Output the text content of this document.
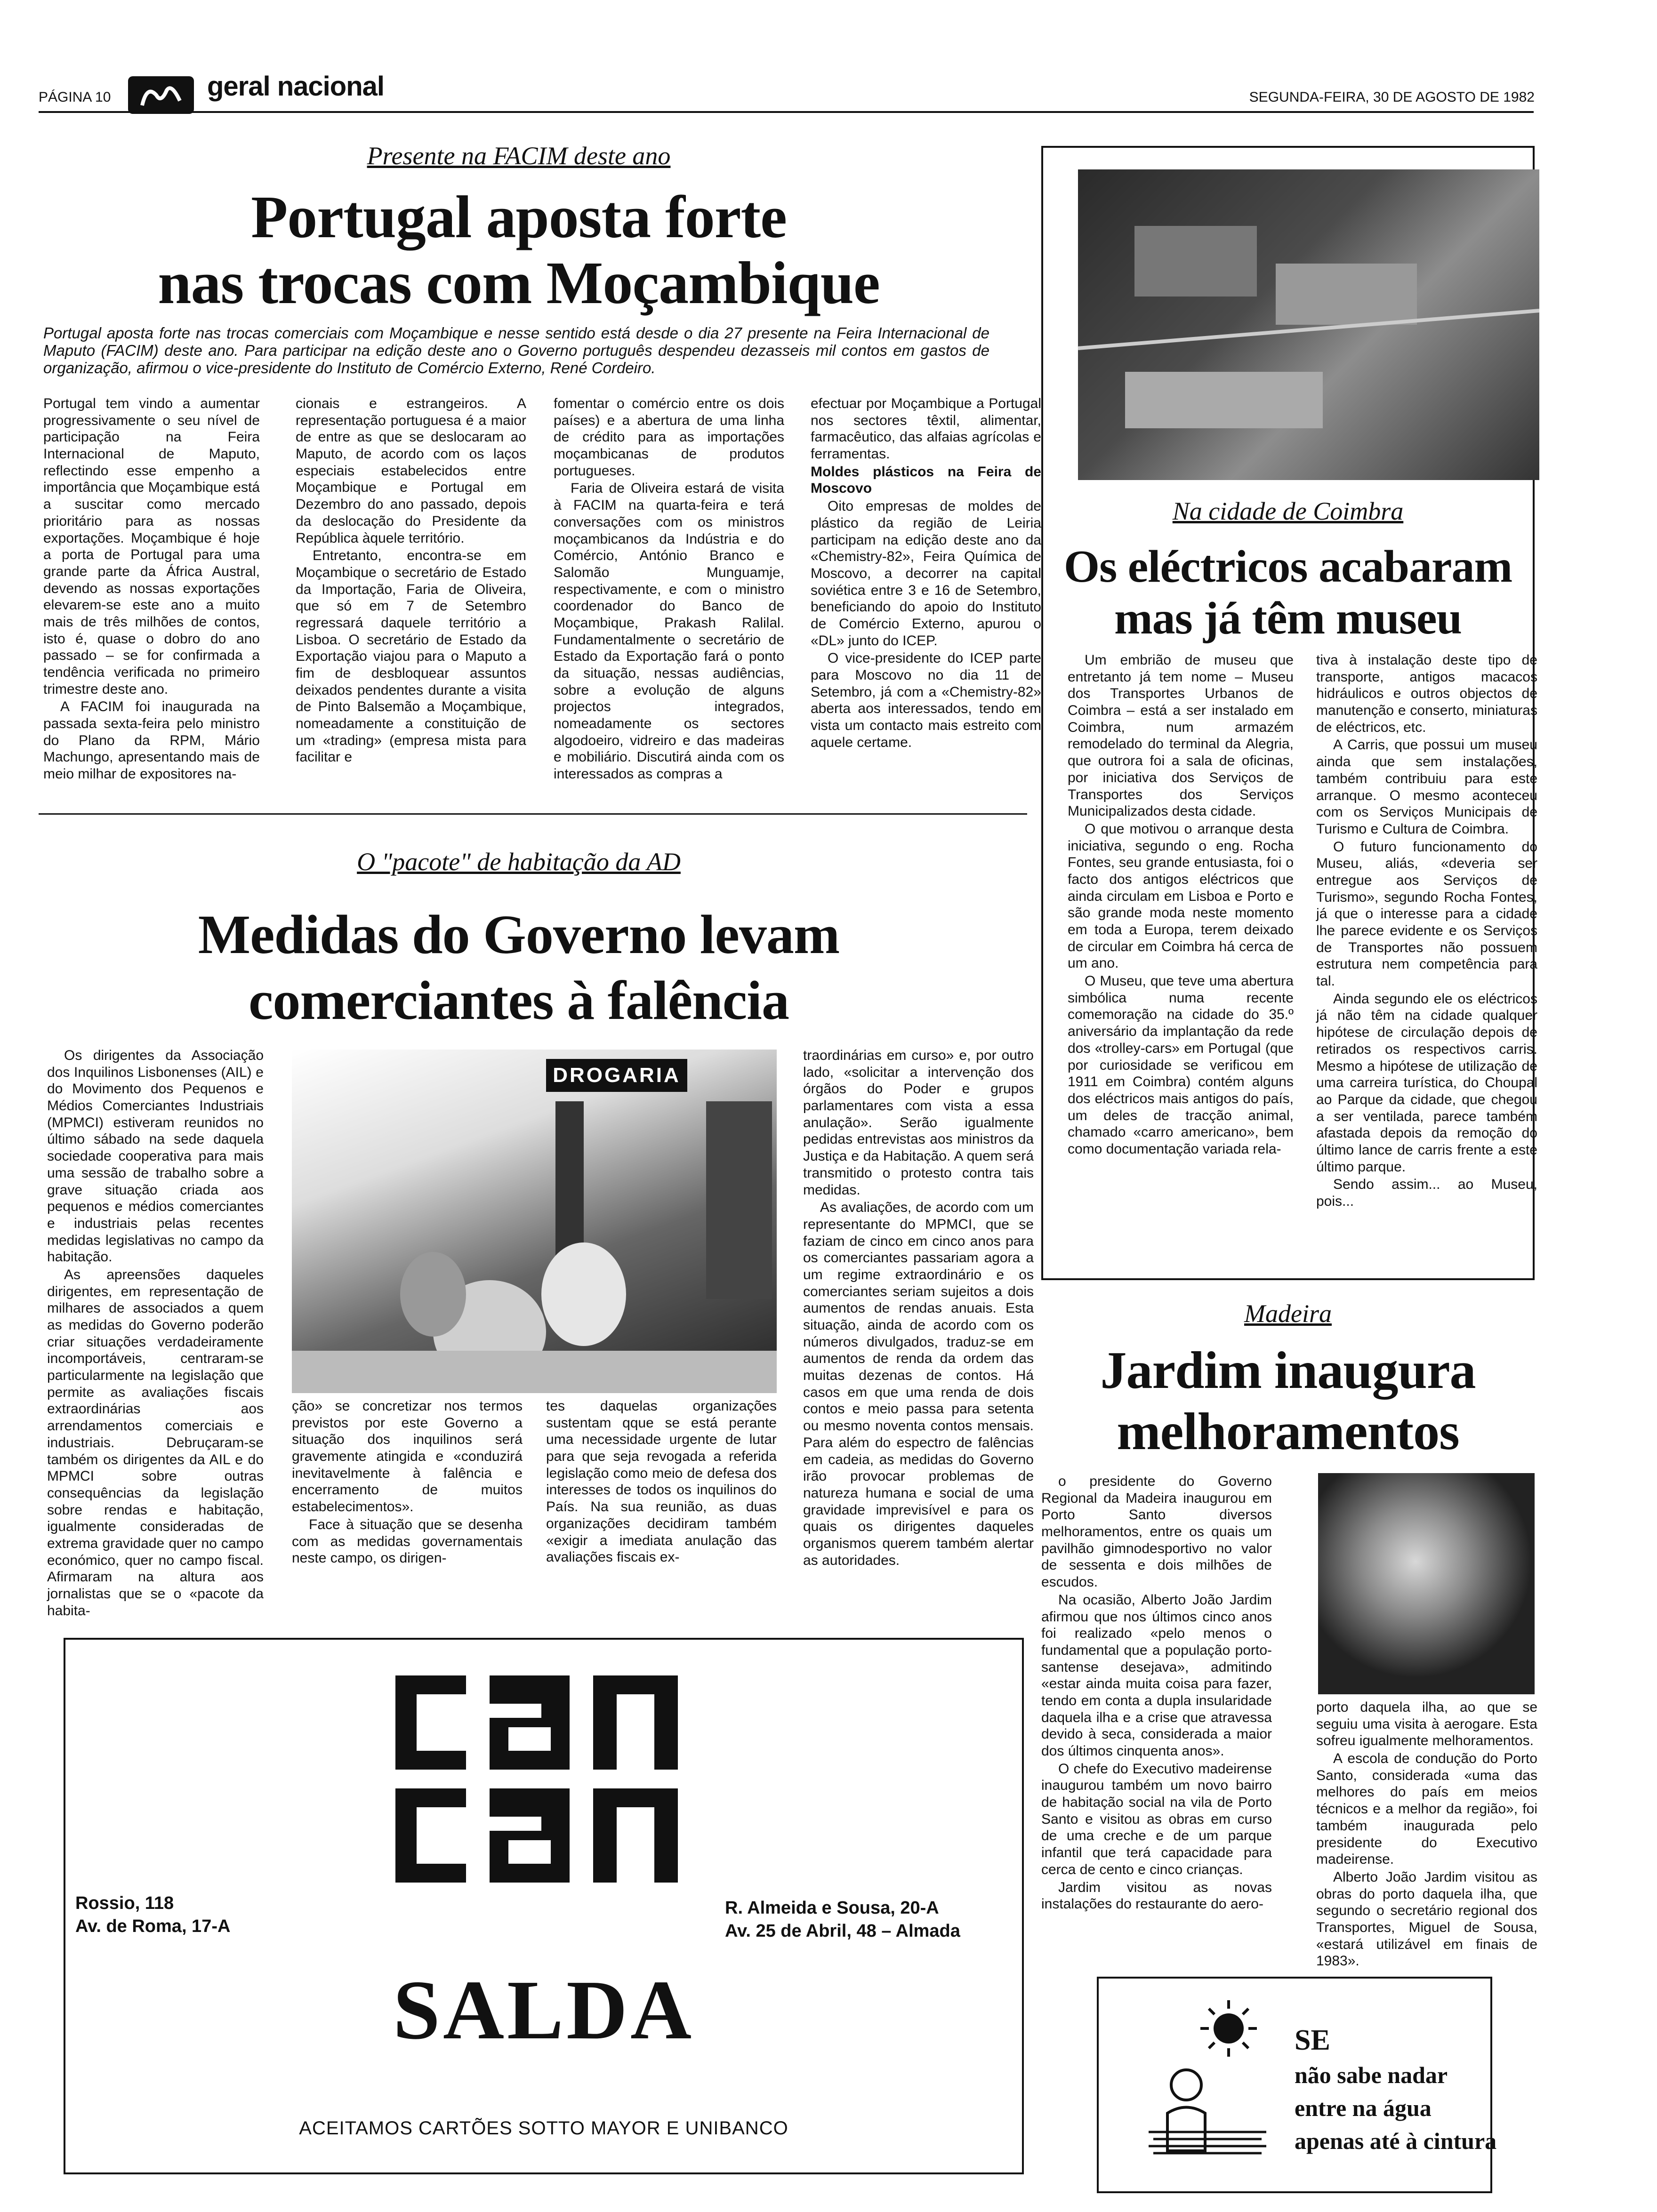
PÁGINA 10	geral nacional	SEGUNDA-FEIRA, 30 DE AGOSTO DE 1982
Presente na FACIM deste ano
Portugal aposta forte
nas trocas com Moçambique
Portugal aposta forte nas trocas comerciais com Moçambique e nesse sentido está desde o dia 27 presente na Feira Internacional de Maputo (FACIM) deste ano. Para participar na edição deste ano o Governo português despendeu dezasseis mil contos em gastos de organização, afirmou o vice-presidente do Instituto de Comércio Externo, René Cordeiro.

Portugal tem vindo a aumentar progressivamente o seu nível de participação na Feira Internacional de Maputo, reflectindo esse empenho a importância que Moçambique está a suscitar como mercado prioritário para as nossas exportações. Moçambique é hoje a porta de Portugal para uma grande parte da África Austral, devendo as nossas exportações elevarem-se este ano a muito mais de três milhões de contos, isto é, quase o dobro do ano passado – se for confirmada a tendência verificada no primeiro trimestre deste ano.

A FACIM foi inaugurada na passada sexta-feira pelo ministro do Plano da RPM, Mário Machungo, apresentando mais de meio milhar de expositores na-

cionais e estrangeiros. A representação portuguesa é a maior de entre as que se deslocaram ao Maputo, de acordo com os laços especiais estabelecidos entre Moçambique e Portugal em Dezembro do ano passado, depois da deslocação do Presidente da República àquele território.

Entretanto, encontra-se em Moçambique o secretário de Estado da Importação, Faria de Oliveira, que só em 7 de Setembro regressará daquele território a Lisboa. O secretário de Estado da Exportação viajou para o Maputo a fim de desbloquear assuntos deixados pendentes durante a visita de Pinto Balsemão a Moçambique, nomeadamente a constituição de um «trading» (empresa mista para facilitar e

fomentar o comércio entre os dois países) e a abertura de uma linha de crédito para as importações moçambicanas de produtos portugueses.

Faria de Oliveira estará de visita à FACIM na quarta-feira e terá conversações com os ministros moçambicanos da Indústria e do Comércio, António Branco e Salomão Munguamje, respectivamente, e com o ministro coordenador do Banco de Moçambique, Prakash Ralilal. Fundamentalmente o secretário de Estado da Exportação fará o ponto da situação, nessas audiências, sobre a evolução de alguns projectos integrados, nomeadamente os sectores algodoeiro, vidreiro e das madeiras e mobiliário. Discutirá ainda com os interessados as compras a

efectuar por Moçambique a Portugal nos sectores têxtil, alimentar, farmacêutico, das alfaias agrícolas e ferramentas.

Moldes plásticos na Feira de Moscovo

Oito empresas de moldes de plástico da região de Leiria participam na edição deste ano da «Chemistry-82», Feira Química de Moscovo, a decorrer na capital soviética entre 3 e 16 de Setembro, beneficiando do apoio do Instituto de Comércio Externo, apurou o «DL» junto do ICEP.

O vice-presidente do ICEP parte para Moscovo no dia 11 de Setembro, já com a «Chemistry-82» aberta aos interessados, tendo em vista um contacto mais estreito com aquele certame.

Na cidade de Coimbra
Os eléctricos acabaram
mas já têm museu

Um embrião de museu que entretanto já tem nome – Museu dos Transportes Urbanos de Coimbra – está a ser instalado em Coimbra, num armazém remodelado do terminal da Alegria, que outrora foi a sala de oficinas, por iniciativa dos Serviços de Transportes dos Serviços Municipalizados desta cidade.

O que motivou o arranque desta iniciativa, segundo o eng. Rocha Fontes, seu grande entusiasta, foi o facto dos antigos eléctricos que ainda circulam em Lisboa e Porto e são grande moda neste momento em toda a Europa, terem deixado de circular em Coimbra há cerca de um ano.

O Museu, que teve uma abertura simbólica numa recente comemoração na cidade do 35.º aniversário da implantação da rede dos «trolley-cars» em Portugal (que por curiosidade se verificou em 1911 em Coimbra) contém alguns dos eléctricos mais antigos do país, um deles de tracção animal, chamado «carro americano», bem como documentação variada rela-

tiva à instalação deste tipo de transporte, antigos macacos hidráulicos e outros objectos de manutenção e conserto, miniaturas de eléctricos, etc.

A Carris, que possui um museu ainda que sem instalações, também contribuiu para este arranque. O mesmo aconteceu com os Serviços Municipais de Turismo e Cultura de Coimbra.

O futuro funcionamento do Museu, aliás, «deveria ser entregue aos Serviços de Turismo», segundo Rocha Fontes, já que o interesse para a cidade lhe parece evidente e os Serviços de Transportes não possuem estrutura nem competência para tal.

Ainda segundo ele os eléctricos já não têm na cidade qualquer hipótese de circulação depois de retirados os respectivos carris. Mesmo a hipótese de utilização de uma carreira turística, do Choupal ao Parque da cidade, que chegou a ser ventilada, parece também afastada depois da remoção do último lance de carris frente a este último parque.

Sendo assim... ao Museu, pois...

O "pacote" de habitação da AD
Medidas do Governo levam
comerciantes à falência

Os dirigentes da Associação dos Inquilinos Lisbonenses (AIL) e do Movimento dos Pequenos e Médios Comerciantes Industriais (MPMCI) estiveram reunidos no último sábado na sede daquela sociedade cooperativa para mais uma sessão de trabalho sobre a grave situação criada aos pequenos e médios comerciantes e industriais pelas recentes medidas legislativas no campo da habitação.

As apreensões daqueles dirigentes, em representação de milhares de associados a quem as medidas do Governo poderão criar situações verdadeiramente incomportáveis, centraram-se particularmente na legislação que permite as avaliações fiscais extraordinárias aos arrendamentos comerciais e industriais. Debruçaram-se também os dirigentes da AIL e do MPMCI sobre outras consequências da legislação sobre rendas e habitação, igualmente consideradas de extrema gravidade quer no campo económico, quer no campo fiscal. Afirmaram na altura aos jornalistas que se o «pacote da habita-

DROGARIA

ção» se concretizar nos termos previstos por este Governo a situação dos inquilinos será gravemente atingida e «conduzirá inevitavelmente à falência e encerramento de muitos estabelecimentos».

Face à situação que se desenha com as medidas governamentais neste campo, os dirigen-

tes daquelas organizações sustentam qque se está perante uma necessidade urgente de lutar para que seja revogada a referida legislação como meio de defesa dos interesses de todos os inquilinos do País. Na sua reunião, as duas organizações decidiram também «exigir a imediata anulação das avaliações fiscais ex-

traordinárias em curso» e, por outro lado, «solicitar a intervenção dos órgãos do Poder e grupos parlamentares com vista a essa anulação». Serão igualmente pedidas entrevistas aos ministros da Justiça e da Habitação. A quem será transmitido o protesto contra tais medidas.

As avaliações, de acordo com um representante do MPMCI, que se faziam de cinco em cinco anos para os comerciantes passariam agora a um regime extraordinário e os comerciantes seriam sujeitos a dois aumentos de rendas anuais. Esta situação, ainda de acordo com os números divulgados, traduz-se em aumentos de renda da ordem das muitas dezenas de contos. Há casos em que uma renda de dois contos e meio passa para setenta ou mesmo noventa contos mensais. Para além do espectro de falências em cadeia, as medidas do Governo irão provocar problemas de natureza humana e social de uma gravidade imprevisível e para os quais os dirigentes daqueles organismos querem também alertar as autoridades.

Madeira
Jardim inaugura
melhoramentos

o presidente do Governo Regional da Madeira inaugurou em Porto Santo diversos melhoramentos, entre os quais um pavilhão gimnodesportivo no valor de sessenta e dois milhões de escudos.

Na ocasião, Alberto João Jardim afirmou que nos últimos cinco anos foi realizado «pelo menos o fundamental que a população porto-santense desejava», admitindo «estar ainda muita coisa para fazer, tendo em conta a dupla insularidade daquela ilha e a crise que atravessa devido à seca, considerada a maior dos últimos cinquenta anos».

O chefe do Executivo madeirense inaugurou também um novo bairro de habitação social na vila de Porto Santo e visitou as obras em curso de uma creche e de um parque infantil que terá capacidade para cerca de cento e cinco crianças.

Jardim visitou as novas instalações do restaurante do aero-

porto daquela ilha, ao que se seguiu uma visita à aerogare. Esta sofreu igualmente melhoramentos.

A escola de condução do Porto Santo, considerada «uma das melhores do país em meios técnicos e a melhor da região», foi também inaugurada pelo presidente do Executivo madeirense.

Alberto João Jardim visitou as obras do porto daquela ilha, que segundo o secretário regional dos Transportes, Miguel de Sousa, «estará utilizável em finais de 1983».

Rossio, 118
Av. de Roma, 17-A
R. Almeida e Sousa, 20-A
Av. 25 de Abril, 48 – Almada
SALDA
ACEITAMOS CARTÕES SOTTO MAYOR E UNIBANCO
SE
não sabe nadar
entre na água
apenas até à cintura
